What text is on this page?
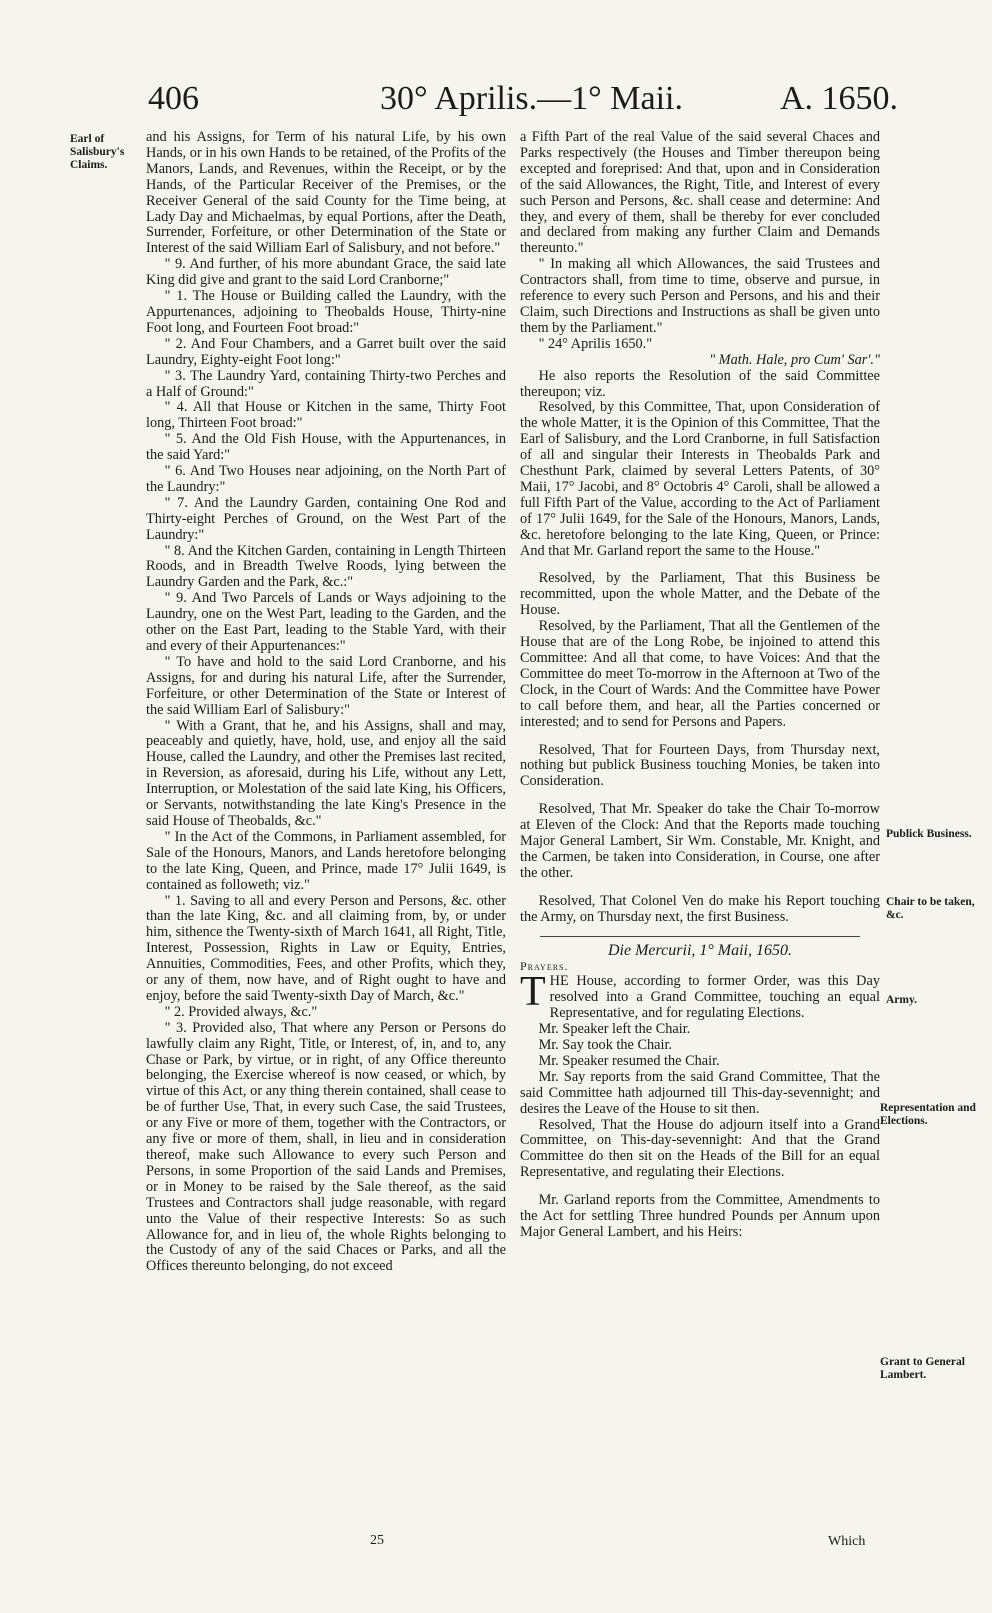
406	30° Aprilis.—1° Maii.	A. 1650.
Earl of Salisbury's Claims.
Publick Business.
Chair to be taken, &c.
Army.
Representation and Elections.
Grant to General Lambert.

and his Assigns, for Term of his natural Life, by his own Hands, or in his own Hands to be retained, of the Profits of the Manors, Lands, and Revenues, within the Receipt, or by the Hands, of the Particular Receiver of the Premises, or the Receiver General of the said County for the Time being, at Lady Day and Michaelmas, by equal Portions, after the Death, Surrender, Forfeiture, or other Determination of the State or Interest of the said William Earl of Salisbury, and not before."

" 9. And further, of his more abundant Grace, the said late King did give and grant to the said Lord Cranborne;"

" 1. The House or Building called the Laundry, with the Appurtenances, adjoining to Theobalds House, Thirty-nine Foot long, and Fourteen Foot broad:"

" 2. And Four Chambers, and a Garret built over the said Laundry, Eighty-eight Foot long:"

" 3. The Laundry Yard, containing Thirty-two Perches and a Half of Ground:"

" 4. All that House or Kitchen in the same, Thirty Foot long, Thirteen Foot broad:"

" 5. And the Old Fish House, with the Appurtenances, in the said Yard:"

" 6. And Two Houses near adjoining, on the North Part of the Laundry:"

" 7. And the Laundry Garden, containing One Rod and Thirty-eight Perches of Ground, on the West Part of the Laundry:"

" 8. And the Kitchen Garden, containing in Length Thirteen Roods, and in Breadth Twelve Roods, lying between the Laundry Garden and the Park, &c.:"

" 9. And Two Parcels of Lands or Ways adjoining to the Laundry, one on the West Part, leading to the Garden, and the other on the East Part, leading to the Stable Yard, with their and every of their Appurtenances:"

" To have and hold to the said Lord Cranborne, and his Assigns, for and during his natural Life, after the Surrender, Forfeiture, or other Determination of the State or Interest of the said William Earl of Salisbury:"

" With a Grant, that he, and his Assigns, shall and may, peaceably and quietly, have, hold, use, and enjoy all the said House, called the Laundry, and other the Premises last recited, in Reversion, as aforesaid, during his Life, without any Lett, Interruption, or Molestation of the said late King, his Officers, or Servants, notwithstanding the late King's Presence in the said House of Theobalds, &c."

" In the Act of the Commons, in Parliament assembled, for Sale of the Honours, Manors, and Lands heretofore belonging to the late King, Queen, and Prince, made 17° Julii 1649, is contained as followeth; viz."

" 1. Saving to all and every Person and Persons, &c. other than the late King, &c. and all claiming from, by, or under him, sithence the Twenty-sixth of March 1641, all Right, Title, Interest, Possession, Rights in Law or Equity, Entries, Annuities, Commodities, Fees, and other Profits, which they, or any of them, now have, and of Right ought to have and enjoy, before the said Twenty-sixth Day of March, &c."

" 2. Provided always, &c."

" 3. Provided also, That where any Person or Persons do lawfully claim any Right, Title, or Interest, of, in, and to, any Chase or Park, by virtue, or in right, of any Office thereunto belonging, the Exercise whereof is now ceased, or which, by virtue of this Act, or any thing therein contained, shall cease to be of further Use, That, in every such Case, the said Trustees, or any Five or more of them, together with the Contractors, or any five or more of them, shall, in lieu and in consideration thereof, make such Allowance to every such Person and Persons, in some Proportion of the said Lands and Premises, or in Money to be raised by the Sale thereof, as the said Trustees and Contractors shall judge reasonable, with regard unto the Value of their respective Interests: So as such Allowance for, and in lieu of, the whole Rights belonging to the Custody of any of the said Chaces or Parks, and all the Offices thereunto belonging, do not exceed

a Fifth Part of the real Value of the said several Chaces and Parks respectively (the Houses and Timber thereupon being excepted and foreprised: And that, upon and in Consideration of the said Allowances, the Right, Title, and Interest of every such Person and Persons, &c. shall cease and determine: And they, and every of them, shall be thereby for ever concluded and declared from making any further Claim and Demands thereunto."

" In making all which Allowances, the said Trustees and Contractors shall, from time to time, observe and pursue, in reference to every such Person and Persons, and his and their Claim, such Directions and Instructions as shall be given unto them by the Parliament."

" 24° Aprilis 1650."

" Math. Hale, pro Cum' Sar'."

He also reports the Resolution of the said Committee thereupon; viz.

Resolved, by this Committee, That, upon Consideration of the whole Matter, it is the Opinion of this Committee, That the Earl of Salisbury, and the Lord Cranborne, in full Satisfaction of all and singular their Interests in Theobalds Park and Chesthunt Park, claimed by several Letters Patents, of 30° Maii, 17° Jacobi, and 8° Octobris 4° Caroli, shall be allowed a full Fifth Part of the Value, according to the Act of Parliament of 17° Julii 1649, for the Sale of the Honours, Manors, Lands, &c. heretofore belonging to the late King, Queen, or Prince: And that Mr. Garland report the same to the House."

Resolved, by the Parliament, That this Business be recommitted, upon the whole Matter, and the Debate of the House.

Resolved, by the Parliament, That all the Gentlemen of the House that are of the Long Robe, be injoined to attend this Committee: And all that come, to have Voices: And that the Committee do meet To-morrow in the Afternoon at Two of the Clock, in the Court of Wards: And the Committee have Power to call before them, and hear, all the Parties concerned or interested; and to send for Persons and Papers.

Resolved, That for Fourteen Days, from Thursday next, nothing but publick Business touching Monies, be taken into Consideration.

Resolved, That Mr. Speaker do take the Chair To-morrow at Eleven of the Clock: And that the Reports made touching Major General Lambert, Sir Wm. Constable, Mr. Knight, and the Carmen, be taken into Consideration, in Course, one after the other.

Resolved, That Colonel Ven do make his Report touching the Army, on Thursday next, the first Business.

Die Mercurii, 1° Maii, 1650.

Prayers.

THE House, according to former Order, was this Day resolved into a Grand Committee, touching an equal Representative, and for regulating Elections.

Mr. Speaker left the Chair.

Mr. Say took the Chair.

Mr. Speaker resumed the Chair.

Mr. Say reports from the said Grand Committee, That the said Committee hath adjourned till This-day-sevennight; and desires the Leave of the House to sit then.

Resolved, That the House do adjourn itself into a Grand Committee, on This-day-sevennight: And that the Grand Committee do then sit on the Heads of the Bill for an equal Representative, and regulating their Elections.

Mr. Garland reports from the Committee, Amendments to the Act for settling Three hundred Pounds per Annum upon Major General Lambert, and his Heirs:

25	Which
